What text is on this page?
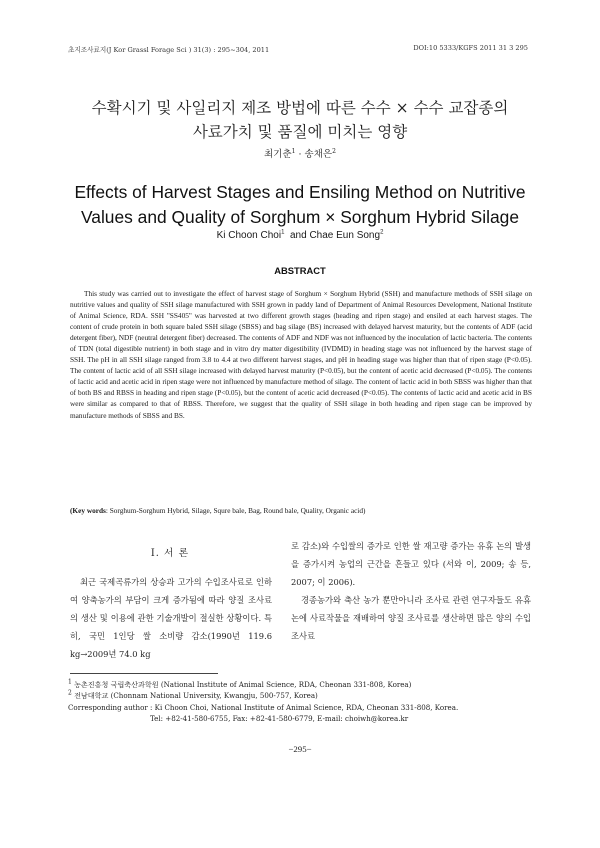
초지조사료지(J Kor Grassl Forage Sci ) 31(3) : 295~304, 2011	DOI:10 5333/KGFS 2011 31 3 295
수확시기 및 사일리지 제조 방법에 따른 수수 × 수수 교잡종의
사료가치 및 품질에 미치는 영향
최기춘$^1$ · 송채은$^2$
Effects of Harvest Stages and Ensiling Method on Nutritive
Values and Quality of Sorghum × Sorghum Hybrid Silage
Ki Choon Choi$^1$  and Chae Eun Song$^2$
ABSTRACT

This study was carried out to investigate the effect of harvest stage of Sorghum × Sorghum Hybrid (SSH) and manufacture methods of SSH silage on nutritive values and quality of SSH silage manufactured with SSH grown in paddy land of Department of Animal Resources Development, National Institute of Animal Science, RDA. SSH "SS405" was harvested at two different growth stages (heading and ripen stage) and ensiled at each harvest stages. The content of crude protein in both square baled SSH silage (SBSS) and bag silage (BS) increased with delayed harvest maturity, but the contents of ADF (acid detergent fiber), NDF (neutral detergent fiber) decreased. The contents of ADF and NDF was not influenced by the inoculation of lactic bacteria. The contents of TDN (total digestible nutrient) in both stage and in vitro dry matter digestibility (IVDMD) in heading stage was not influenced by the harvest stage of SSH. The pH in all SSH silage ranged from 3.8 to 4.4 at two different harvest stages, and pH in heading stage was higher than that of ripen stage (P<0.05). The content of lactic acid of all SSH silage increased with delayed harvest maturity (P<0.05), but the content of acetic acid decreased (P<0.05). The contents of lactic acid and acetic acid in ripen stage were not influenced by manufacture method of silage. The content of lactic acid in both SBSS was higher than that of both BS and RBSS in heading and ripen stage (P<0.05), but the content of acetic acid decreased (P<0.05). The contents of lactic acid and acetic acid in BS were similar as compared to that of RBSS. Therefore, we suggest that the quality of SSH silage in both heading and ripen stage can be improved by manufacture methods of SBSS and BS.

(Key words: Sorghum-Sorghum Hybrid, Silage, Squre bale, Bag, Round bale, Quality, Organic acid)
Ⅰ. 서 론

최근 국제곡류가의 상승과 고가의 수입조사료로 인하여 양축농가의 부담이 크게 증가됨에 따라 양질 조사료의 생산 및 이용에 관한 기술개발이 절실한 상황이다. 특히, 국민 1인당 쌀 소비량 감소(1990년 119.6 kg→2009년 74.0 kg

로 감소)와 수입쌀의 증가로 인한 쌀 재고량 증가는 유휴 논의 발생을 증가시켜 농업의 근간을 흔들고 있다 (서와 이, 2009; 송 등, 2007; 이 2006).

경종농가와 축산 농가 뿐만아니라 조사료 관련 연구자들도 유휴 논에 사료작물을 재배하여 양질 조사료를 생산하면 많은 양의 수입조사료

$^1$ 농촌진흥청 국립축산과학원 (National Institute of Animal Science, RDA, Cheonan 331-808, Korea)
$^2$ 전남대학교 (Chonnam National University, Kwangju, 500-757, Korea)
Corresponding author : Ki Choon Choi, National Institute of Animal Science, RDA, Cheonan 331-808, Korea.
Tel: +82-41-580-6755, Fax: +82-41-580-6779, E-mail: choiwh@korea.kr
−295−
